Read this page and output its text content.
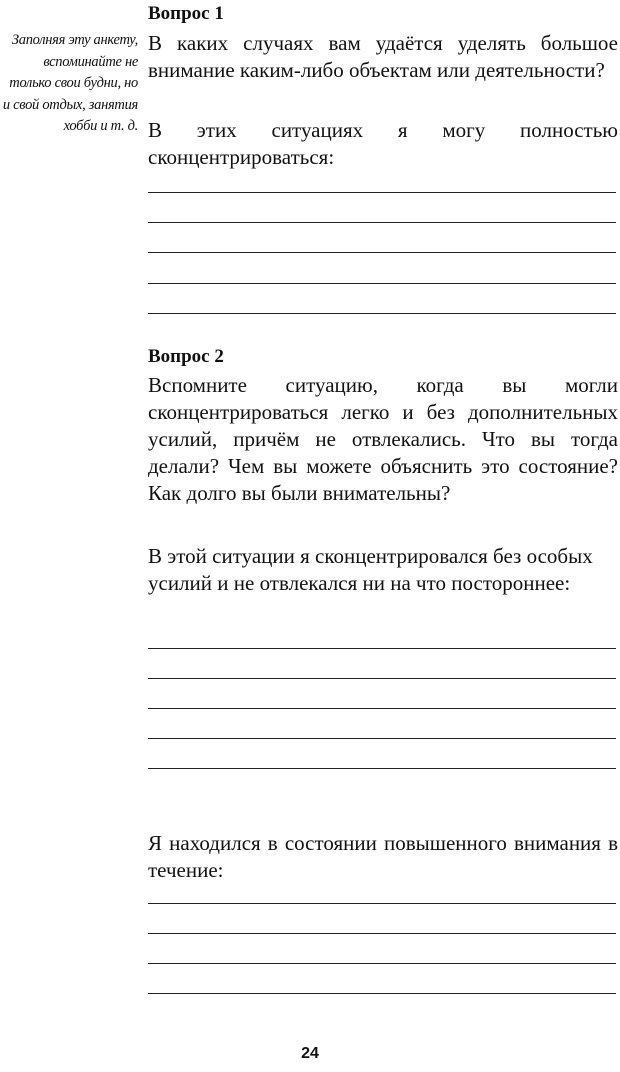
Заполняя эту анкету, вспоминайте не только свои будни, но и свой отдых, занятия хобби и т. д.
Вопрос 1
В каких случаях вам удаётся уделять большое внимание каким-либо объектам или деятельности?
В этих ситуациях я могу полностью сконцентрироваться:
Вопрос 2
Вспомните ситуацию, когда вы могли сконцентрироваться легко и без дополнительных усилий, причём не отвлекались. Что вы тогда делали? Чем вы можете объяснить это состояние? Как долго вы были внимательны?
В этой ситуации я сконцентрировался без особых усилий и не отвлекался ни на что постороннее:
Я находился в состоянии повышенного внимания в течение:
24
